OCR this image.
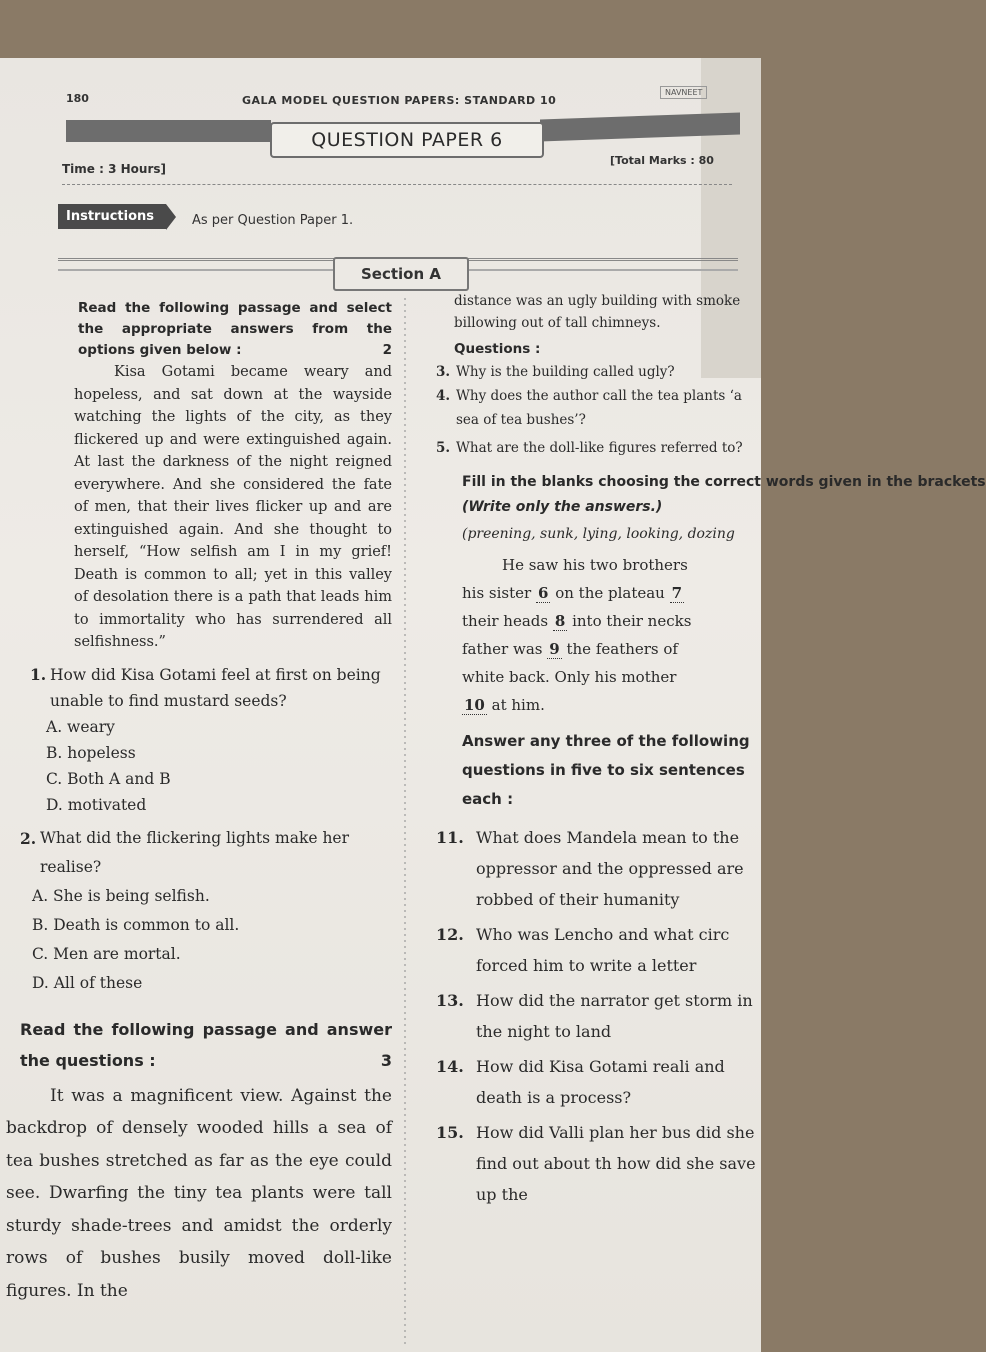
180	GALA MODEL QUESTION PAPERS: STANDARD 10
NAVNEET
QUESTION PAPER 6
Time : 3 Hours]
[Total Marks : 80
Instructions	As per Question Paper 1.
Section A

Read the following passage and select the appropriate answers from the options given below :	2

Kisa Gotami became weary and hopeless, and sat down at the wayside watching the lights of the city, as they flickered up and were extinguished again. At last the darkness of the night reigned everywhere. And she considered the fate of men, that their lives flicker up and are extinguished again. And she thought to herself, “How selfish am I in my grief! Death is common to all; yet in this valley of desolation there is a path that leads him to immortality who has surrendered all selfishness.”

1. How did Kisa Gotami feel at first on being unable to find mustard seeds?
A. weary
B. hopeless
C. Both A and B
D. motivated
2. What did the flickering lights make her realise?
A. She is being selfish.
B. Death is common to all.
C. Men are mortal.
D. All of these

Read the following passage and answer the questions :	3

It was a magnificent view. Against the backdrop of densely wooded hills a sea of tea bushes stretched as far as the eye could see. Dwarfing the tiny tea plants were tall sturdy shade-trees and amidst the orderly rows of bushes busily moved doll-like figures. In the

distance was an ugly building with smoke billowing out of tall chimneys.

Questions :

3. Why is the building called ugly?
4. Why does the author call the tea plants ‘a sea of tea bushes’?
5. What are the doll-like figures referred to?
Fill in the blanks choosing the correct words given in the brackets
(Write only the answers.)
(preening, sunk, lying, looking, dozing
He saw his two brothers
his sister 6 on the plateau 7
their heads 8 into their necks
father was 9 the feathers of
white back. Only his mother
10 at him.
Answer any three of the following questions in five to six sentences each :
11. What does Mandela mean to the oppressor and the oppressed are robbed of their humanity
12. Who was Lencho and what circ forced him to write a letter
13. How did the narrator get storm in the night to land
14. How did Kisa Gotami reali and death is a process?
15. How did Valli plan her bus did she find out about th how did she save up the
